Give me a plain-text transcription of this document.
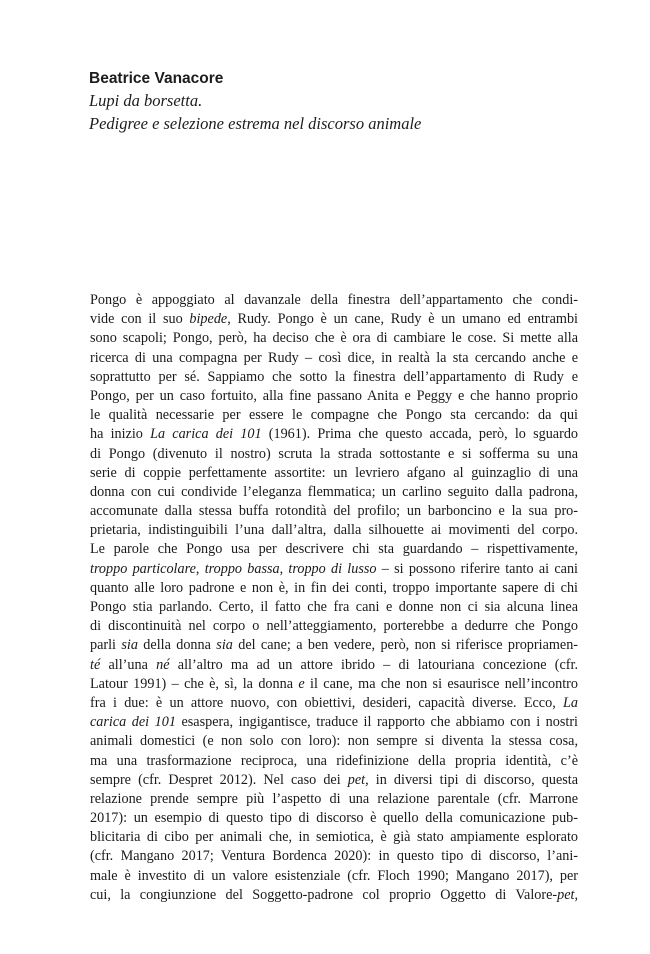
Beatrice Vanacore
Lupi da borsetta.
Pedigree e selezione estrema nel discorso animale
Pongo è appoggiato al davanzale della finestra dell’appartamento che condi-
vide con il suo bipede, Rudy. Pongo è un cane, Rudy è un umano ed entrambi
sono scapoli; Pongo, però, ha deciso che è ora di cambiare le cose. Si mette alla
ricerca di una compagna per Rudy – così dice, in realtà la sta cercando anche e
soprattutto per sé. Sappiamo che sotto la finestra dell’appartamento di Rudy e
Pongo, per un caso fortuito, alla fine passano Anita e Peggy e che hanno proprio
le qualità necessarie per essere le compagne che Pongo sta cercando: da qui
ha inizio La carica dei 101 (1961). Prima che questo accada, però, lo sguardo
di Pongo (divenuto il nostro) scruta la strada sottostante e si sofferma su una
serie di coppie perfettamente assortite: un levriero afgano al guinzaglio di una
donna con cui condivide l’eleganza flemmatica; un carlino seguito dalla padrona,
accomunate dalla stessa buffa rotondità del profilo; un barboncino e la sua pro-
prietaria, indistinguibili l’una dall’altra, dalla silhouette ai movimenti del corpo.
Le parole che Pongo usa per descrivere chi sta guardando – rispettivamente,
troppo particolare, troppo bassa, troppo di lusso – si possono riferire tanto ai cani
quanto alle loro padrone e non è, in fin dei conti, troppo importante sapere di chi
Pongo stia parlando. Certo, il fatto che fra cani e donne non ci sia alcuna linea
di discontinuità nel corpo o nell’atteggiamento, porterebbe a dedurre che Pongo
parli sia della donna sia del cane; a ben vedere, però, non si riferisce propriamen-
té all’una né all’altro ma ad un attore ibrido – di latouriana concezione (cfr.
Latour 1991) – che è, sì, la donna e il cane, ma che non si esaurisce nell’incontro
fra i due: è un attore nuovo, con obiettivi, desideri, capacità diverse. Ecco, La
carica dei 101 esaspera, ingigantisce, traduce il rapporto che abbiamo con i nostri
animali domestici (e non solo con loro): non sempre si diventa la stessa cosa,
ma una trasformazione reciproca, una ridefinizione della propria identità, c’è
sempre (cfr. Despret 2012). Nel caso dei pet, in diversi tipi di discorso, questa
relazione prende sempre più l’aspetto di una relazione parentale (cfr. Marrone
2017): un esempio di questo tipo di discorso è quello della comunicazione pub-
blicitaria di cibo per animali che, in semiotica, è già stato ampiamente esplorato
(cfr. Mangano 2017; Ventura Bordenca 2020): in questo tipo di discorso, l’ani-
male è investito di un valore esistenziale (cfr. Floch 1990; Mangano 2017), per
cui, la congiunzione del Soggetto-padrone col proprio Oggetto di Valore-pet,
